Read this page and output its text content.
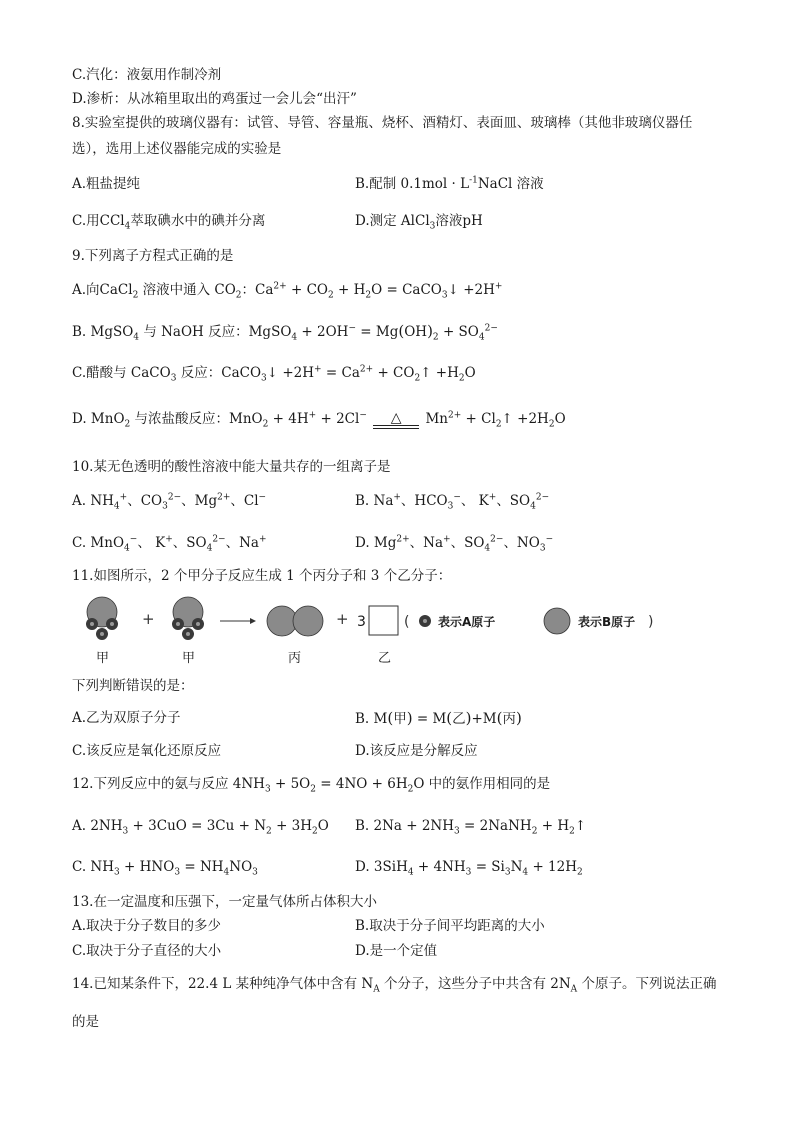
C.汽化：液氨用作制冷剂
D.渗析：从冰箱里取出的鸡蛋过一会儿会“出汗”
8.实验室提供的玻璃仪器有：试管、导管、容量瓶、烧杯、酒精灯、表面皿、玻璃棒（其他非玻璃仪器任
选），选用上述仪器能完成的实验是
A.粗盐提纯	B.配制 $0.1mol \cdot L^{-1}NaCl$ 溶液
C.用CCl$_4$萃取碘水中的碘并分离	D.测定 AlCl$_3$溶液pH
9.下列离子方程式正确的是
A.向CaCl$_2$ 溶液中通入 $CO_2$：$Ca^{2+} + CO_2 + H_2O$ = CaCO$_3$↓ +2H+
B. MgSO$_4$ 与 NaOH 反应：MgSO$_4$ + $2OH^- = Mg(OH)_2 + SO_4^{2-}$
C.醋酸与 CaCO$_3$ 反应：CaCO$_3$↓ $+2H^+ = Ca^{2+}$ + $CO_2↑ +H_2O$
D. MnO$_2$ 与浓盐酸反应：MnO$_2$ + 4H+ + 2Cl− △ $Mn^{2+}$ + $Cl_2↑ +2H_2O$
10.某无色透明的酸性溶液中能大量共存的一组离子是
A. $NH_4^+$、$CO_3^{2-}$、$Mg^{2+}$、Cl−	B. Na+、$HCO_3^-$、 K+、$SO_4^{2-}$
C. MnO$_4$−、 K+、$SO_4^{2-}$、Na+	D. $Mg^{2+}$、Na+、$SO_4^{2-}$、$NO_3^-$
11.如图所示，2 个甲分子反应生成 1 个丙分子和 3 个乙分子：
甲
+
甲	丙
+ 3
乙
( 表示A原子	表示B原子 )
下列判断错误的是：
A.乙为双原子分子	B. M(甲) = M(乙)+M(丙)
C.该反应是氧化还原反应	D.该反应是分解反应
12.下列反应中的氨与反应 $4NH_3 + 5O_2 = 4NO + 6H_2O$ 中的氨作用相同的是
A. $2NH_3 + 3CuO = 3Cu + N_2 + 3H_2O$ B. $2Na + 2NH_3$ = 2NaNH$_2$ + $H_2↑$
C. $NH_3 + HNO_3 = NH_4NO_3$	D. $3SiH_4 + 4NH_3 = Si_3N_4 + 12H_2$
13.在一定温度和压强下，一定量气体所占体积大小
A.取决于分子数目的多少	B.取决于分子间平均距离的大小
C.取决于分子直径的大小	D.是一个定值
14.已知某条件下，22.4 L 某种纯净气体中含有 $N_A$ 个分子，这些分子中共含有 $2N_A$ 个原子。下列说法正确
的是
